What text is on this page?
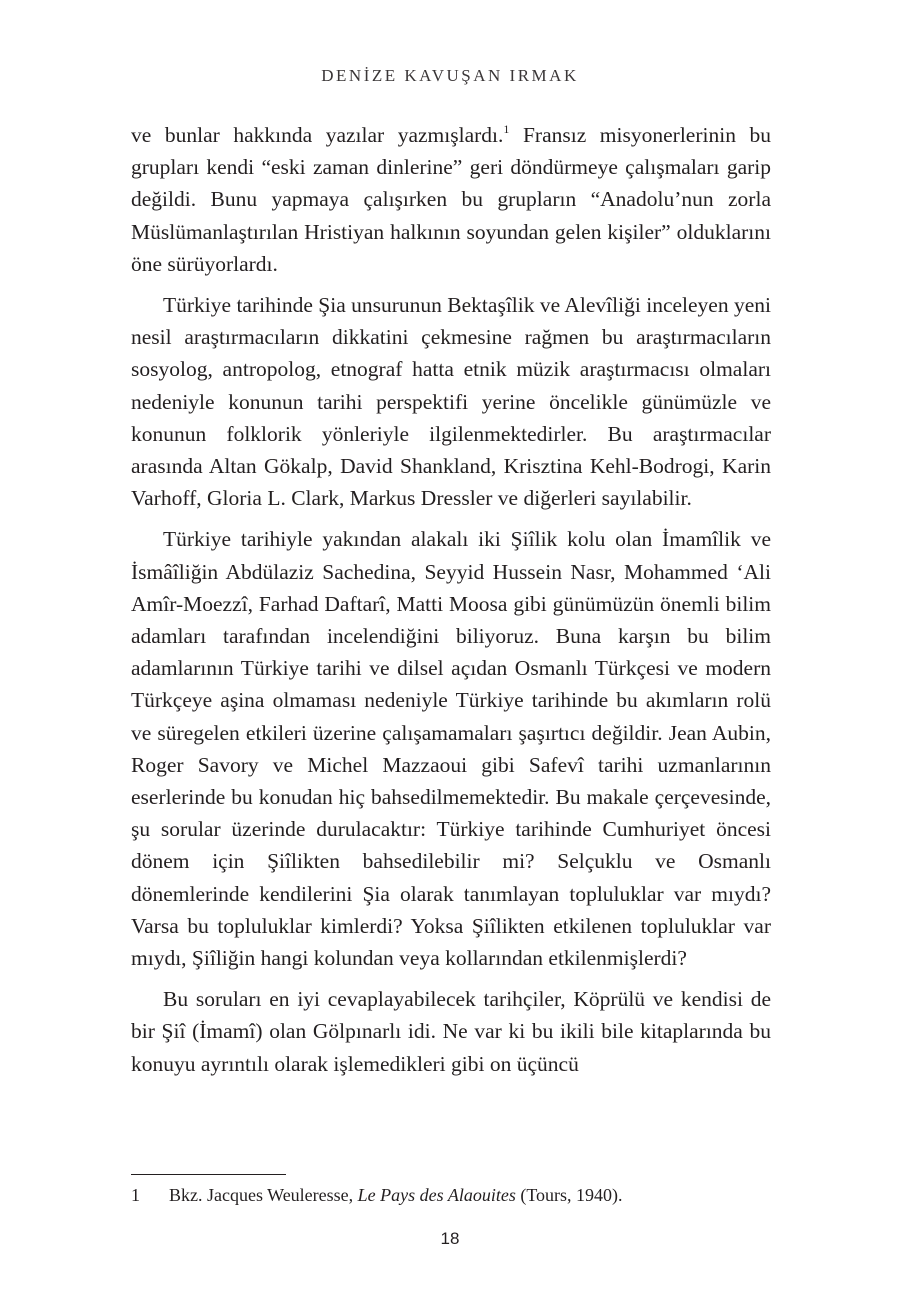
DENİZE KAVUŞAN IRMAK

ve bunlar hakkında yazılar yazmışlardı.$^1$ Fransız misyonerlerinin bu grupları kendi “eski zaman dinlerine” geri döndürmeye çalışmaları garip değildi. Bunu yapmaya çalışırken bu grupların “Anadolu’nun zorla Müslümanlaştırılan Hristiyan halkının soyundan gelen kişiler” olduklarını öne sürüyorlardı.

Türkiye tarihinde Şia unsurunun Bektaşîlik ve Alevîliği inceleyen yeni nesil araştırmacıların dikkatini çekmesine rağmen bu araştırmacıların sosyolog, antropolog, etnograf hatta etnik müzik araştırmacısı olmaları nedeniyle konunun tarihi perspektifi yerine öncelikle günümüzle ve konunun folklorik yönleriyle ilgilenmektedirler. Bu araştırmacılar arasında Altan Gökalp, David Shankland, Krisztina Kehl-Bodrogi, Karin Varhoff, Gloria L. Clark, Markus Dressler ve diğerleri sayılabilir.

Türkiye tarihiyle yakından alakalı iki Şiîlik kolu olan İmamîlik ve İsmâîliğin Abdülaziz Sachedina, Seyyid Hussein Nasr, Mohammed ‘Ali Amîr-Moezzî, Farhad Daftarî, Matti Moosa gibi günümüzün önemli bilim adamları tarafından incelendiğini biliyoruz. Buna karşın bu bilim adamlarının Türkiye tarihi ve dilsel açıdan Osmanlı Türkçesi ve modern Türkçeye aşina olmaması nedeniyle Türkiye tarihinde bu akımların rolü ve süregelen etkileri üzerine çalışamamaları şaşırtıcı değildir. Jean Aubin, Roger Savory ve Michel Mazzaoui gibi Safevî tarihi uzmanlarının eserlerinde bu konudan hiç bahsedilmemektedir. Bu makale çerçevesinde, şu sorular üzerinde durulacaktır: Türkiye tarihinde Cumhuriyet öncesi dönem için Şiîlikten bahsedilebilir mi? Selçuklu ve Osmanlı dönemlerinde kendilerini Şia olarak tanımlayan topluluklar var mıydı? Varsa bu topluluklar kimlerdi? Yoksa Şiîlikten etkilenen topluluklar var mıydı, Şiîliğin hangi kolundan veya kollarından etkilenmişlerdi?

Bu soruları en iyi cevaplayabilecek tarihçiler, Köprülü ve kendisi de bir Şiî (İmamî) olan Gölpınarlı idi. Ne var ki bu ikili bile kitaplarında bu konuyu ayrıntılı olarak işlemedikleri gibi on üçüncü

1 Bkz. Jacques Weuleresse, Le Pays des Alaouites (Tours, 1940).
18
